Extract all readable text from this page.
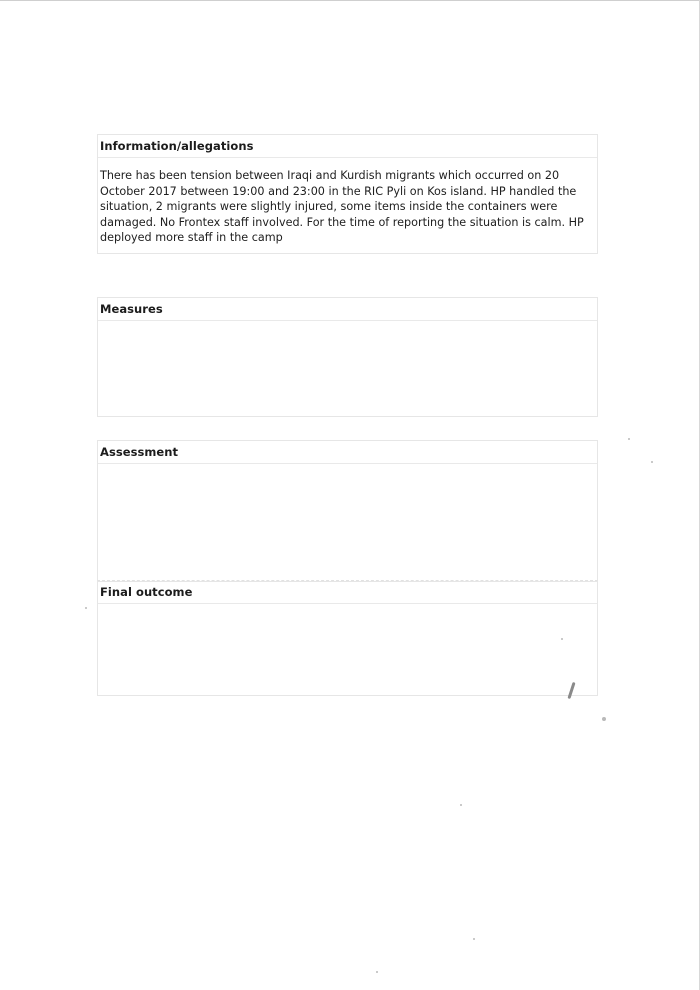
Information/allegations
There has been tension between Iraqi and Kurdish migrants which occurred on 20 October 2017 between 19:00 and 23:00 in the RIC Pyli on Kos island. HP handled the situation, 2 migrants were slightly injured, some items inside the containers were damaged. No Frontex staff involved. For the time of reporting the situation is calm. HP deployed more staff in the camp
Measures
Assessment
Final outcome
